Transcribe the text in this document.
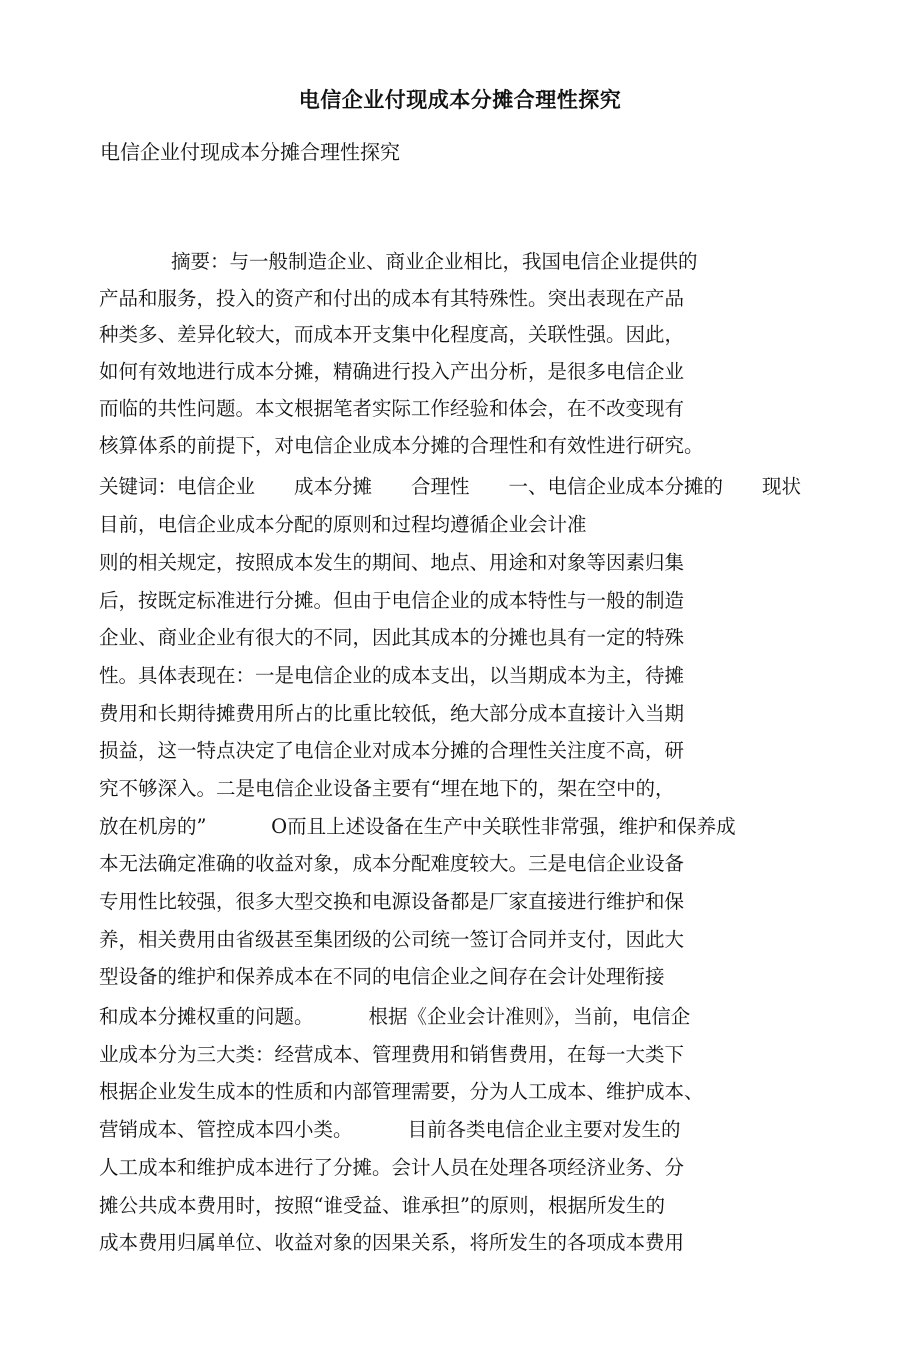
电信企业付现成本分摊合理性探究

电信企业付现成本分摊合理性探究

摘要：与一般制造企业、商业企业相比，我国电信企业提供的

产品和服务，投入的资产和付出的成本有其特殊性。突出表现在产品

种类多、差异化较大，而成本开支集中化程度高，关联性强。因此，

如何有效地进行成本分摊，精确进行投入产出分析，是很多电信企业

而临的共性问题。本文根据笔者实际工作经验和体会，在不改变现有

核算体系的前提下，对电信企业成本分摊的合理性和有效性进行研究。

关键词：电信企业　　成本分摊　　合理性　　一、电信企业成本分摊的　　现状

目前，电信企业成本分配的原则和过程均遵循企业会计准

则的相关规定，按照成本发生的期间、地点、用途和对象等因素归集

后，按既定标准进行分摊。但由于电信企业的成本特性与一般的制造

企业、商业企业有很大的不同，因此其成本的分摊也具有一定的特殊

性。具体表现在：一是电信企业的成本支出，以当期成本为主，待摊

费用和长期待摊费用所占的比重比较低，绝大部分成本直接计入当期

损益，这一特点决定了电信企业对成本分摊的合理性关注度不高，研

究不够深入。二是电信企业设备主要有“埋在地下的，架在空中的，

放在机房的”　　　 O而且上述设备在生产中关联性非常强，维护和保养成

本无法确定准确的收益对象，成本分配难度较大。三是电信企业设备

专用性比较强，很多大型交换和电源设备都是厂家直接进行维护和保

养，相关费用由省级甚至集团级的公司统一签订合同并支付，因此大

型设备的维护和保养成本在不同的电信企业之间存在会计处理衔接

和成本分摊权重的问题。　　　 根据《企业会计准则》，当前，电信企

业成本分为三大类：经营成本、管理费用和销售费用，在每一大类下

根据企业发生成本的性质和内部管理需要，分为人工成本、维护成本、

营销成本、管控成本四小类。　　　 目前各类电信企业主要对发生的

人工成本和维护成本进行了分摊。会计人员在处理各项经济业务、分

摊公共成本费用时，按照“谁受益、谁承担”的原则，根据所发生的

成本费用归属单位、收益对象的因果关系，将所发生的各项成本费用
